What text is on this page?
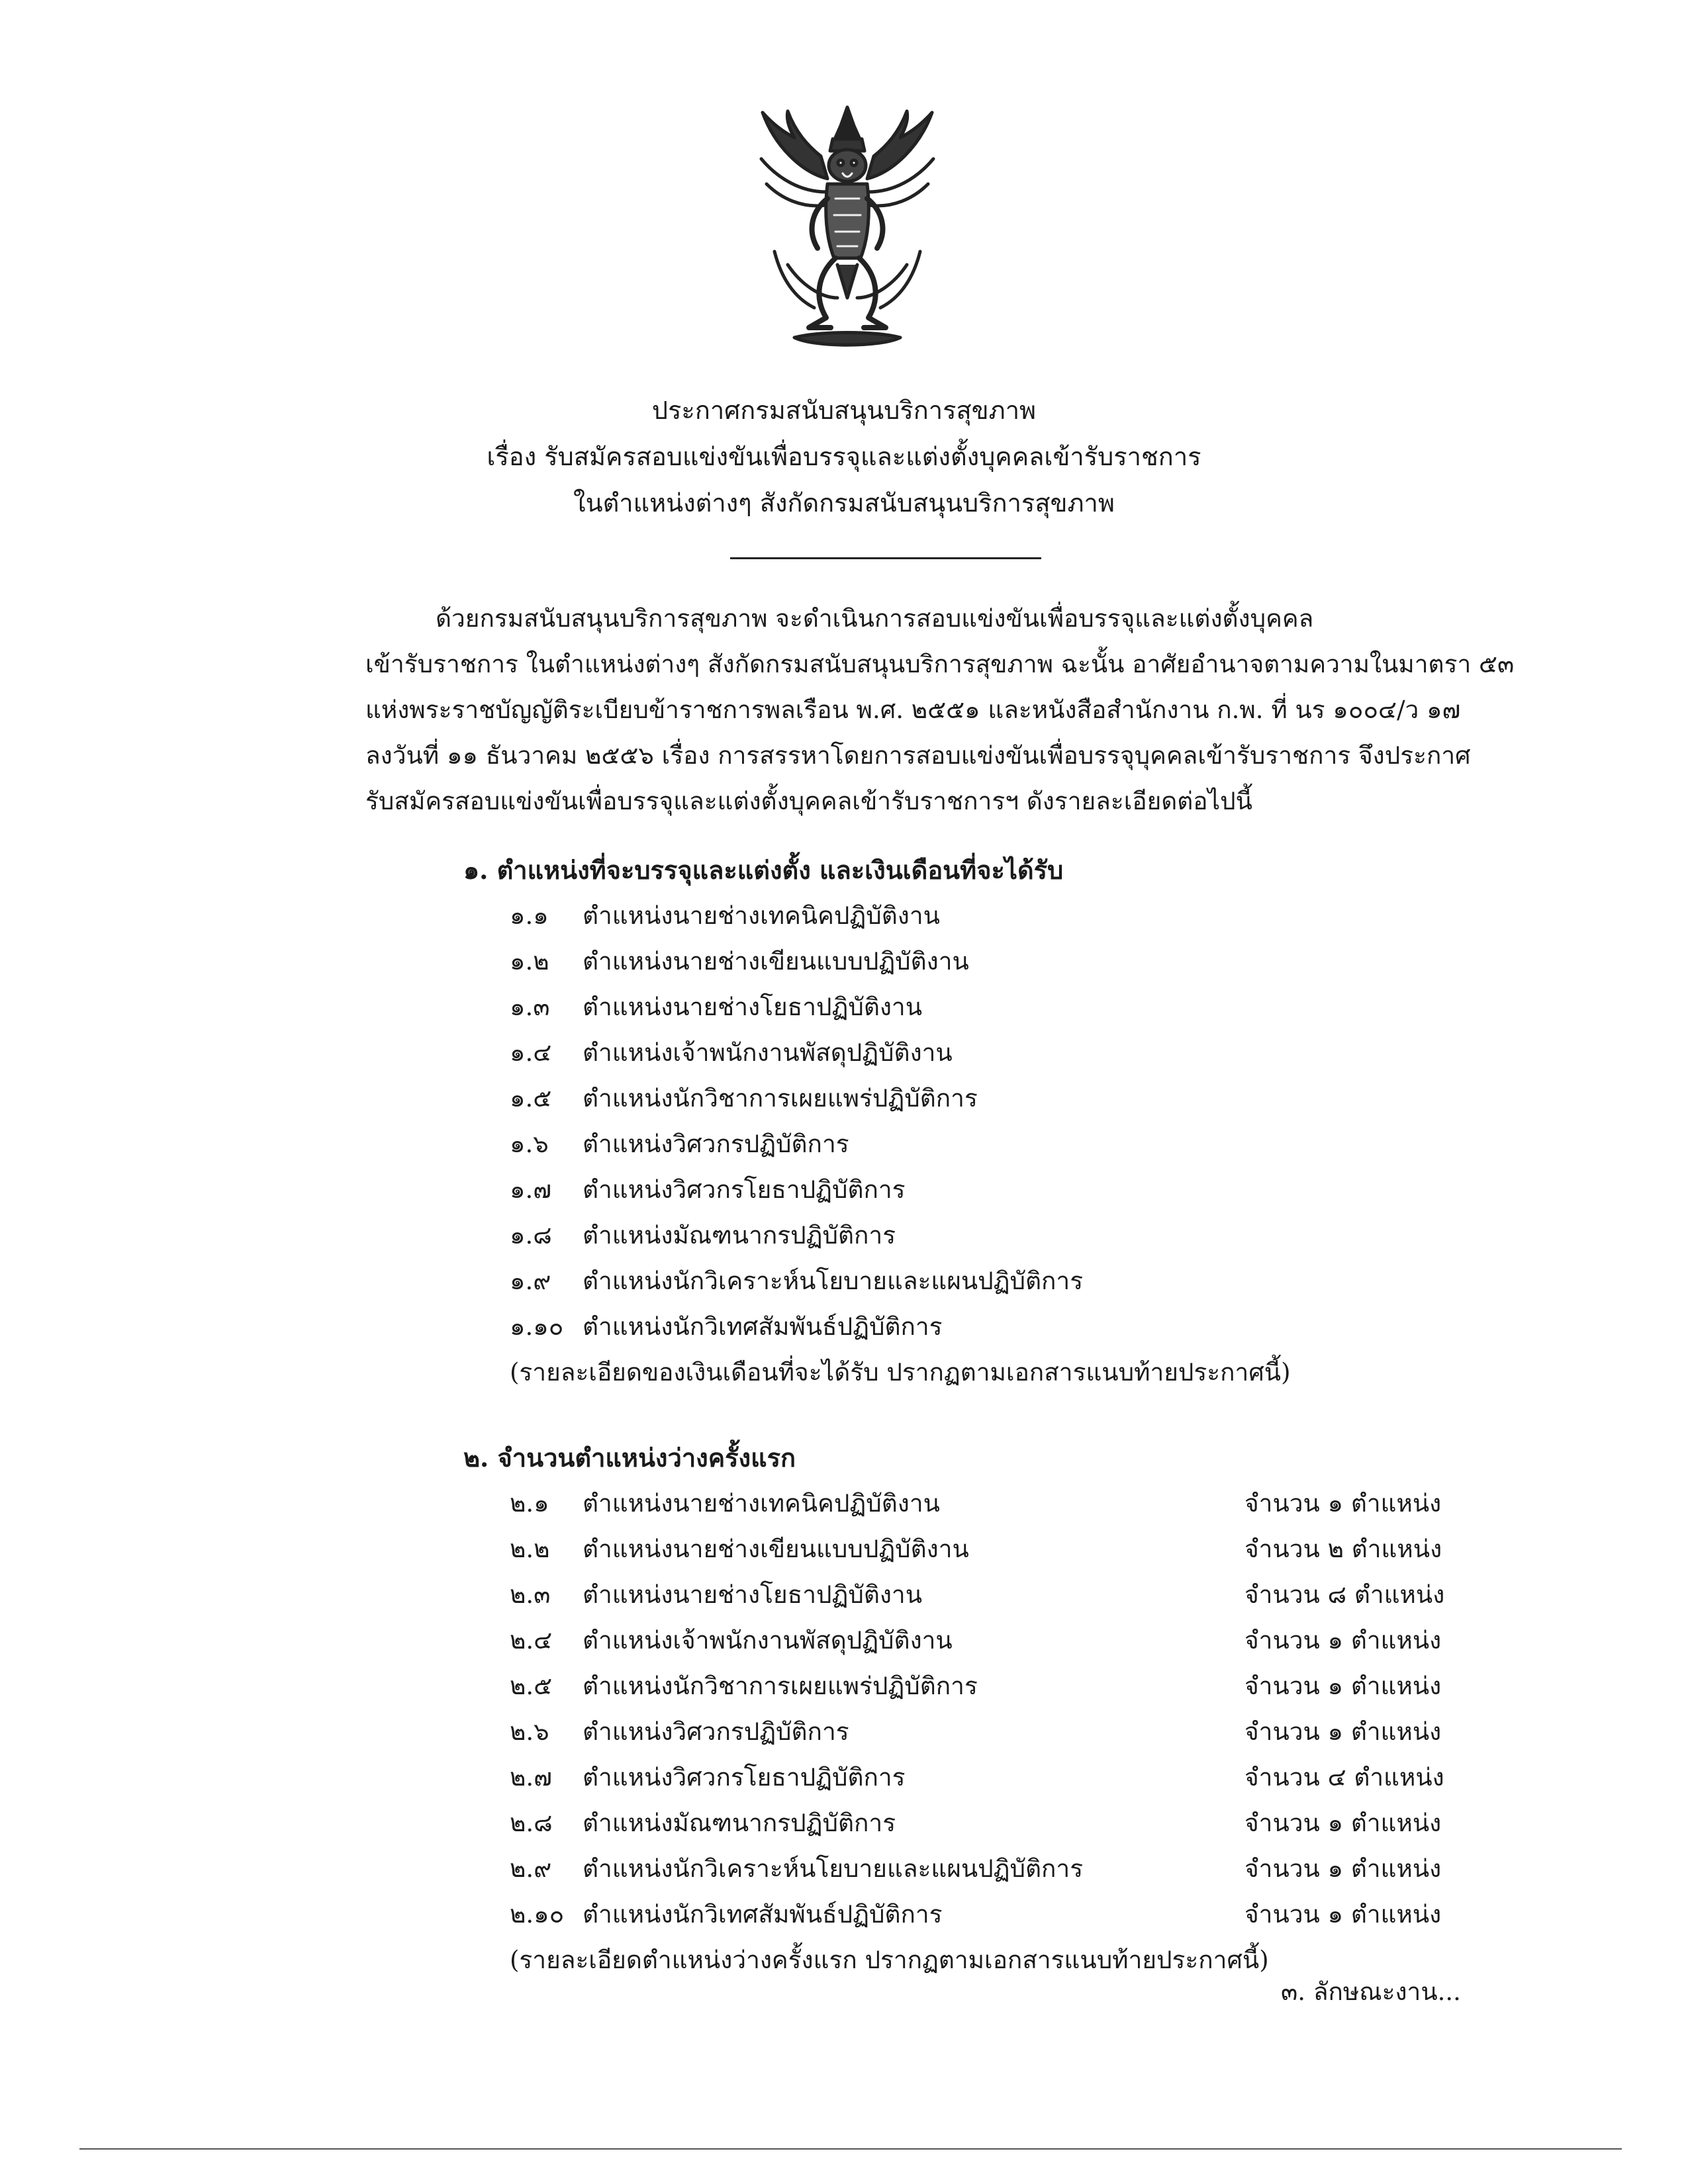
ประกาศกรมสนับสนุนบริการสุขภาพ
เรื่อง รับสมัครสอบแข่งขันเพื่อบรรจุและแต่งตั้งบุคคลเข้ารับราชการ
ในตำแหน่งต่างๆ สังกัดกรมสนับสนุนบริการสุขภาพ
ด้วยกรมสนับสนุนบริการสุขภาพ จะดำเนินการสอบแข่งขันเพื่อบรรจุและแต่งตั้งบุคคล
เข้ารับราชการ ในตำแหน่งต่างๆ สังกัดกรมสนับสนุนบริการสุขภาพ ฉะนั้น อาศัยอำนาจตามความในมาตรา ๕๓
แห่งพระราชบัญญัติระเบียบข้าราชการพลเรือน พ.ศ. ๒๕๕๑ และหนังสือสำนักงาน ก.พ. ที่ นร ๑๐๐๔/ว ๑๗
ลงวันที่ ๑๑ ธันวาคม ๒๕๕๖ เรื่อง การสรรหาโดยการสอบแข่งขันเพื่อบรรจุบุคคลเข้ารับราชการ จึงประกาศ
รับสมัครสอบแข่งขันเพื่อบรรจุและแต่งตั้งบุคคลเข้ารับราชการฯ ดังรายละเอียดต่อไปนี้
๑. ตำแหน่งที่จะบรรจุและแต่งตั้ง และเงินเดือนที่จะได้รับ
๑.๑ ตำแหน่งนายช่างเทคนิคปฏิบัติงาน
๑.๒ ตำแหน่งนายช่างเขียนแบบปฏิบัติงาน
๑.๓ ตำแหน่งนายช่างโยธาปฏิบัติงาน
๑.๔ ตำแหน่งเจ้าพนักงานพัสดุปฏิบัติงาน
๑.๕ ตำแหน่งนักวิชาการเผยแพร่ปฏิบัติการ
๑.๖ ตำแหน่งวิศวกรปฏิบัติการ
๑.๗ ตำแหน่งวิศวกรโยธาปฏิบัติการ
๑.๘ ตำแหน่งมัณฑนากรปฏิบัติการ
๑.๙ ตำแหน่งนักวิเคราะห์นโยบายและแผนปฏิบัติการ
๑.๑๐ ตำแหน่งนักวิเทศสัมพันธ์ปฏิบัติการ
(รายละเอียดของเงินเดือนที่จะได้รับ ปรากฏตามเอกสารแนบท้ายประกาศนี้)
๒. จำนวนตำแหน่งว่างครั้งแรก
๒.๑ ตำแหน่งนายช่างเทคนิคปฏิบัติงาน	จำนวน ๑ ตำแหน่ง
๒.๒ ตำแหน่งนายช่างเขียนแบบปฏิบัติงาน	จำนวน ๒ ตำแหน่ง
๒.๓ ตำแหน่งนายช่างโยธาปฏิบัติงาน	จำนวน ๘ ตำแหน่ง
๒.๔ ตำแหน่งเจ้าพนักงานพัสดุปฏิบัติงาน	จำนวน ๑ ตำแหน่ง
๒.๕ ตำแหน่งนักวิชาการเผยแพร่ปฏิบัติการ	จำนวน ๑ ตำแหน่ง
๒.๖ ตำแหน่งวิศวกรปฏิบัติการ	จำนวน ๑ ตำแหน่ง
๒.๗ ตำแหน่งวิศวกรโยธาปฏิบัติการ	จำนวน ๔ ตำแหน่ง
๒.๘ ตำแหน่งมัณฑนากรปฏิบัติการ	จำนวน ๑ ตำแหน่ง
๒.๙ ตำแหน่งนักวิเคราะห์นโยบายและแผนปฏิบัติการ	จำนวน ๑ ตำแหน่ง
๒.๑๐ ตำแหน่งนักวิเทศสัมพันธ์ปฏิบัติการ	จำนวน ๑ ตำแหน่ง
(รายละเอียดตำแหน่งว่างครั้งแรก ปรากฏตามเอกสารแนบท้ายประกาศนี้)
๓. ลักษณะงาน...
